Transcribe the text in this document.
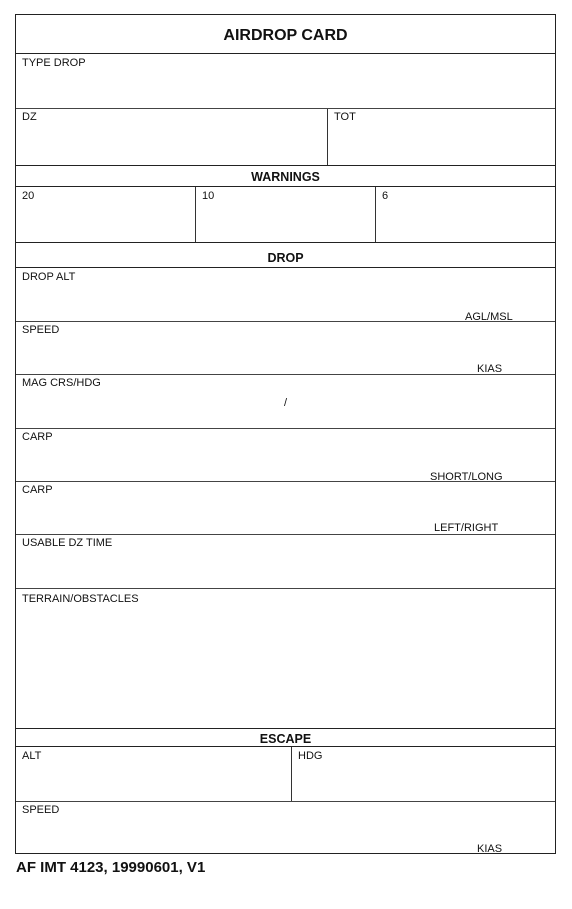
AIRDROP CARD
TYPE DROP
DZ	TOT
WARNINGS
20	10	6
DROP
DROP ALT
AGL/MSL
SPEED
KIAS
MAG CRS/HDG
/
CARP
SHORT/LONG
CARP
LEFT/RIGHT
USABLE DZ TIME
TERRAIN/OBSTACLES
ESCAPE
ALT	HDG
SPEED
KIAS
AF IMT 4123, 19990601, V1
